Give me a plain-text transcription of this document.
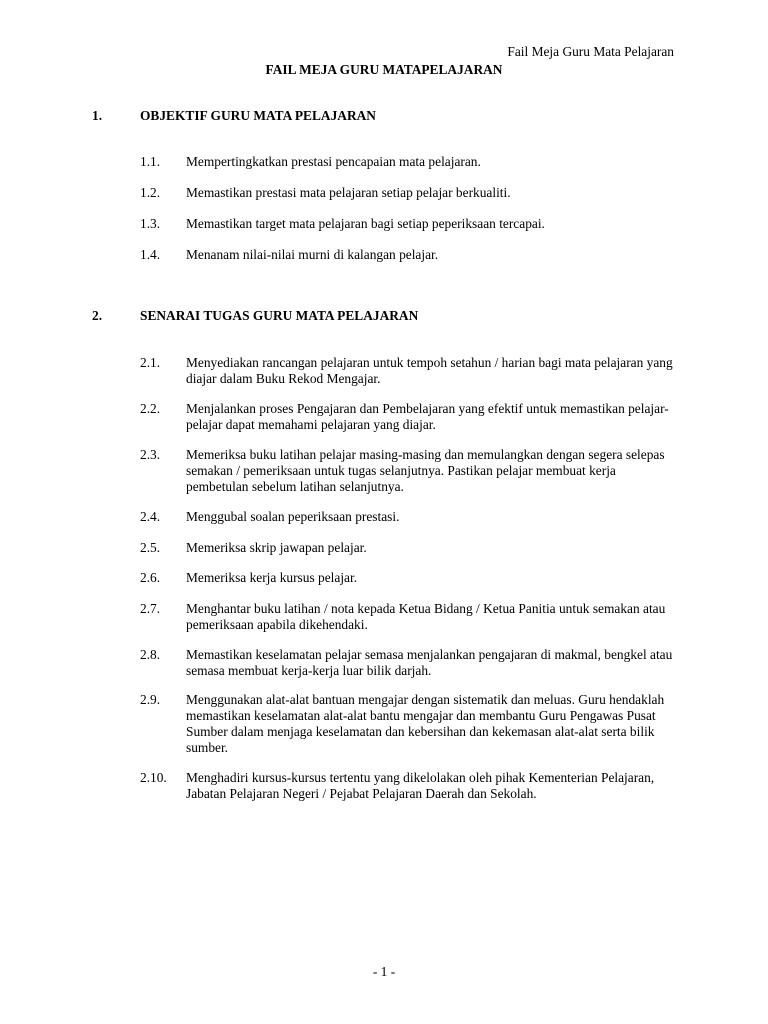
Fail Meja Guru Mata Pelajaran
FAIL MEJA GURU MATAPELAJARAN
1.	OBJEKTIF GURU MATA PELAJARAN
1.1. Mempertingkatkan prestasi pencapaian mata pelajaran.
1.2. Memastikan prestasi mata pelajaran setiap pelajar berkualiti.
1.3. Memastikan target mata pelajaran bagi setiap peperiksaan tercapai.
1.4. Menanam nilai-nilai murni di kalangan pelajar.
2.	SENARAI TUGAS GURU MATA PELAJARAN
2.1. Menyediakan rancangan pelajaran untuk tempoh setahun / harian bagi mata pelajaran yang diajar dalam Buku Rekod Mengajar.
2.2. Menjalankan proses Pengajaran dan Pembelajaran yang efektif untuk memastikan pelajar-pelajar dapat memahami pelajaran yang diajar.
2.3. Memeriksa buku latihan pelajar masing-masing dan memulangkan dengan segera selepas semakan / pemeriksaan untuk tugas selanjutnya. Pastikan pelajar membuat kerja pembetulan sebelum latihan selanjutnya.
2.4. Menggubal soalan peperiksaan prestasi.
2.5. Memeriksa skrip jawapan pelajar.
2.6. Memeriksa kerja kursus pelajar.
2.7. Menghantar buku latihan / nota kepada Ketua Bidang / Ketua Panitia untuk semakan atau pemeriksaan apabila dikehendaki.
2.8. Memastikan keselamatan pelajar semasa menjalankan pengajaran di makmal, bengkel atau semasa membuat kerja-kerja luar bilik darjah.
2.9. Menggunakan alat-alat bantuan mengajar dengan sistematik dan meluas. Guru hendaklah memastikan keselamatan alat-alat bantu mengajar dan membantu Guru Pengawas Pusat Sumber dalam menjaga keselamatan dan kebersihan dan kekemasan alat-alat serta bilik sumber.
2.10. Menghadiri kursus-kursus tertentu yang dikelolakan oleh pihak Kementerian Pelajaran, Jabatan Pelajaran Negeri / Pejabat Pelajaran Daerah dan Sekolah.
- 1 -
